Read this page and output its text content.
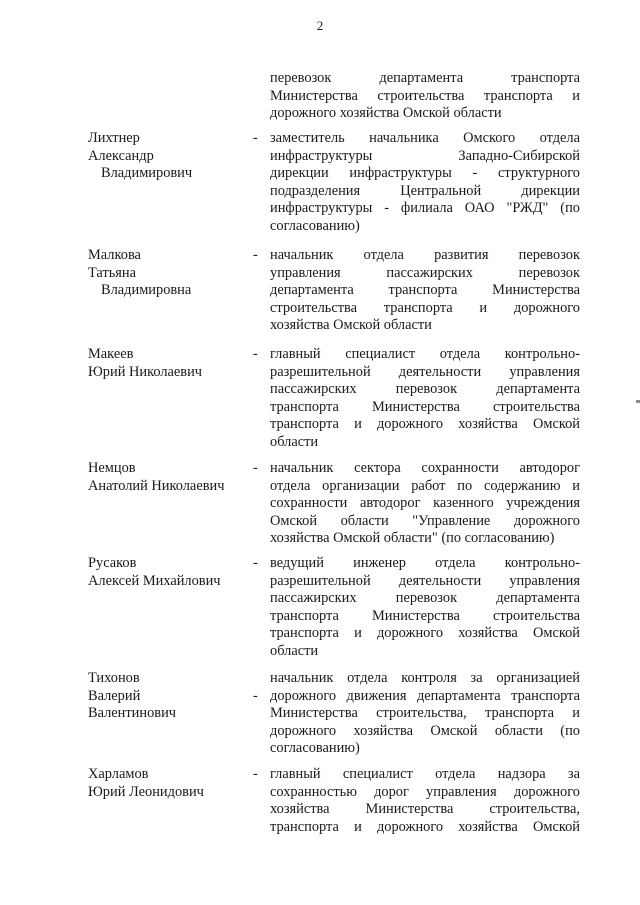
2
перевозок департамента транспорта
Министерства строительства транспорта и
дорожного хозяйства Омской области
Лихтнер
Александр
Владимирович
- заместитель начальника Омского отдела
инфраструктуры Западно-Сибирской
дирекции инфраструктуры - структурного
подразделения Центральной дирекции
инфраструктуры - филиала ОАО "РЖД" (по
согласованию)
Малкова
Татьяна
Владимировна
- начальник отдела развития перевозок
управления пассажирских перевозок
департамента транспорта Министерства
строительства транспорта и дорожного
хозяйства Омской области
Макеев
Юрий Николаевич
- главный специалист отдела контрольно-
разрешительной деятельности управления
пассажирских перевозок департамента
транспорта Министерства строительства
транспорта и дорожного хозяйства Омской
области
Немцов
Анатолий Николаевич
- начальник сектора сохранности автодорог
отдела организации работ по содержанию и
сохранности автодорог казенного учреждения
Омской области "Управление дорожного
хозяйства Омской области" (по согласованию)
Русаков
Алексей Михайлович
- ведущий инженер отдела контрольно-
разрешительной деятельности управления
пассажирских перевозок департамента
транспорта Министерства строительства
транспорта и дорожного хозяйства Омской
области
Тихонов
Валерий
Валентинович
-
начальник отдела контроля за организацией
дорожного движения департамента транспорта
Министерства строительства, транспорта и
дорожного хозяйства Омской области (по
согласованию)
Харламов
Юрий Леонидович
- главный специалист отдела надзора за
сохранностью дорог управления дорожного
хозяйства Министерства строительства,
транспорта и дорожного хозяйства Омской
